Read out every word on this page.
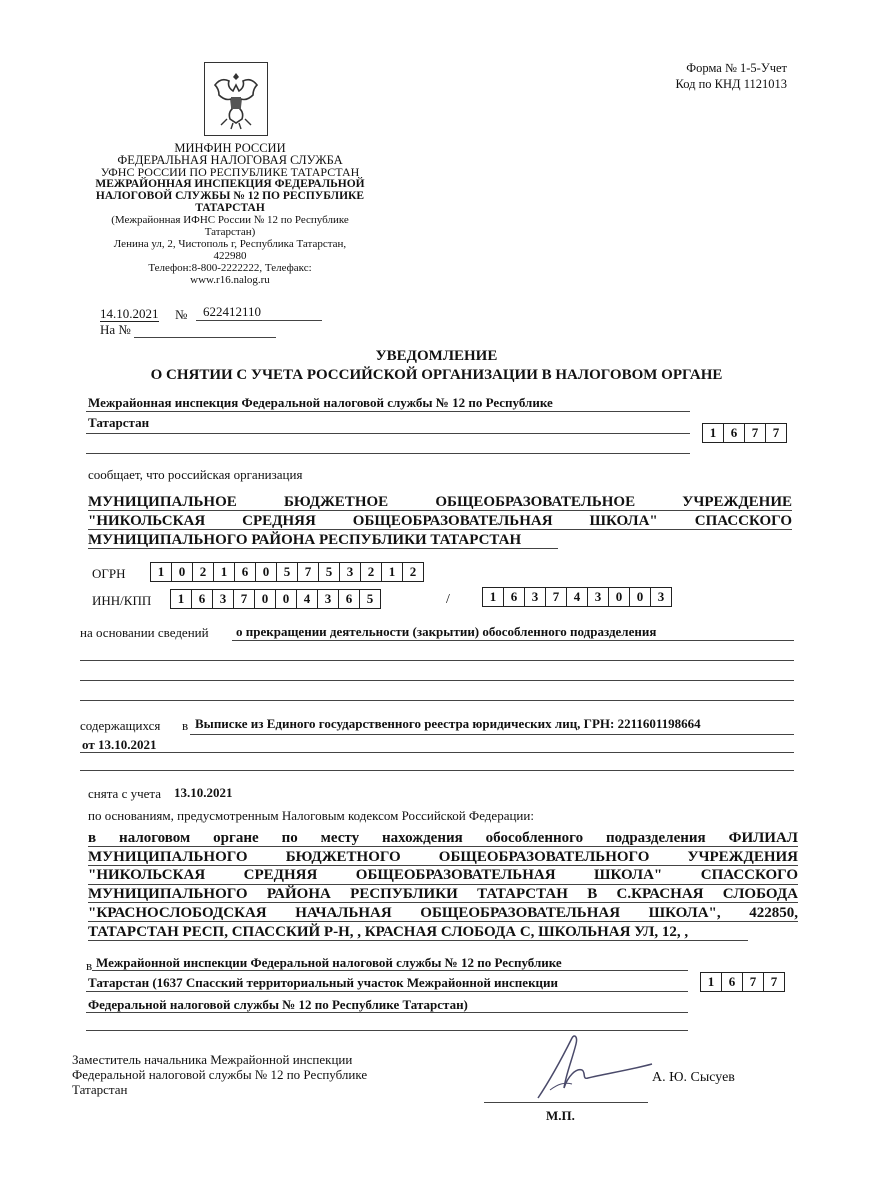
МИНФИН РОССИИ
ФЕДЕРАЛЬНАЯ НАЛОГОВАЯ СЛУЖБА
УФНС РОССИИ ПО РЕСПУБЛИКЕ ТАТАРСТАН
МЕЖРАЙОННАЯ ИНСПЕКЦИЯ ФЕДЕРАЛЬНОЙ
НАЛОГОВОЙ СЛУЖБЫ № 12 ПО РЕСПУБЛИКЕ
ТАТАРСТАН
(Межрайонная ИФНС России № 12 по Республике
Татарстан)
Ленина ул, 2, Чистополь г, Республика Татарстан,
422980
Телефон:8-800-2222222, Телефакс:
www.r16.nalog.ru
Форма № 1-5-Учет
Код по КНД 1121013
14.10.2021 № 622412110
На №
УВЕДОМЛЕНИЕ
О СНЯТИИ С УЧЕТА РОССИЙСКОЙ ОРГАНИЗАЦИИ В НАЛОГОВОМ ОРГАНЕ
Межрайонная инспекция Федеральной налоговой службы № 12 по Республике
Татарстан
1	6	7	7
сообщает, что российская организация
МУНИЦИПАЛЬНОЕ БЮДЖЕТНОЕ ОБЩЕОБРАЗОВАТЕЛЬНОЕ УЧРЕЖДЕНИЕ
"НИКОЛЬСКАЯ СРЕДНЯЯ ОБЩЕОБРАЗОВАТЕЛЬНАЯ ШКОЛА" СПАССКОГО
МУНИЦИПАЛЬНОГО РАЙОНА РЕСПУБЛИКИ ТАТАРСТАН
ОГРН	1	0	2	1	6	0	5	7	5	3	2	1	2
ИНН/КПП	1	6	3	7	0	0	4	3	6	5	/	1	6	3	7	4	3	0	0	3
на основании сведений о прекращении деятельности (закрытии) обособленного подразделения
содержащихся в Выписке из Единого государственного реестра юридических лиц, ГРН: 2211601198664
от 13.10.2021
снята с учета 13.10.2021
по основаниям, предусмотренным Налоговым кодексом Российской Федерации:
в налоговом органе по месту нахождения обособленного подразделения ФИЛИАЛ
МУНИЦИПАЛЬНОГО БЮДЖЕТНОГО ОБЩЕОБРАЗОВАТЕЛЬНОГО УЧРЕЖДЕНИЯ
"НИКОЛЬСКАЯ СРЕДНЯЯ ОБЩЕОБРАЗОВАТЕЛЬНАЯ ШКОЛА" СПАССКОГО
МУНИЦИПАЛЬНОГО РАЙОНА РЕСПУБЛИКИ ТАТАРСТАН В С.КРАСНАЯ СЛОБОДА
"КРАСНОСЛОБОДСКАЯ НАЧАЛЬНАЯ ОБЩЕОБРАЗОВАТЕЛЬНАЯ ШКОЛА", 422850,
ТАТАРСТАН РЕСП, СПАССКИЙ Р-Н, , КРАСНАЯ СЛОБОДА С, ШКОЛЬНАЯ УЛ, 12, ,
в Межрайонной инспекции Федеральной налоговой службы № 12 по Республике
Татарстан (1637 Спасский территориальный участок Межрайонной инспекции
Федеральной налоговой службы № 12 по Республике Татарстан)
1	6	7	7
Заместитель начальника Межрайонной инспекции
Федеральной налоговой службы № 12 по Республике
Татарстан
А. Ю. Сысуев
М.П.
